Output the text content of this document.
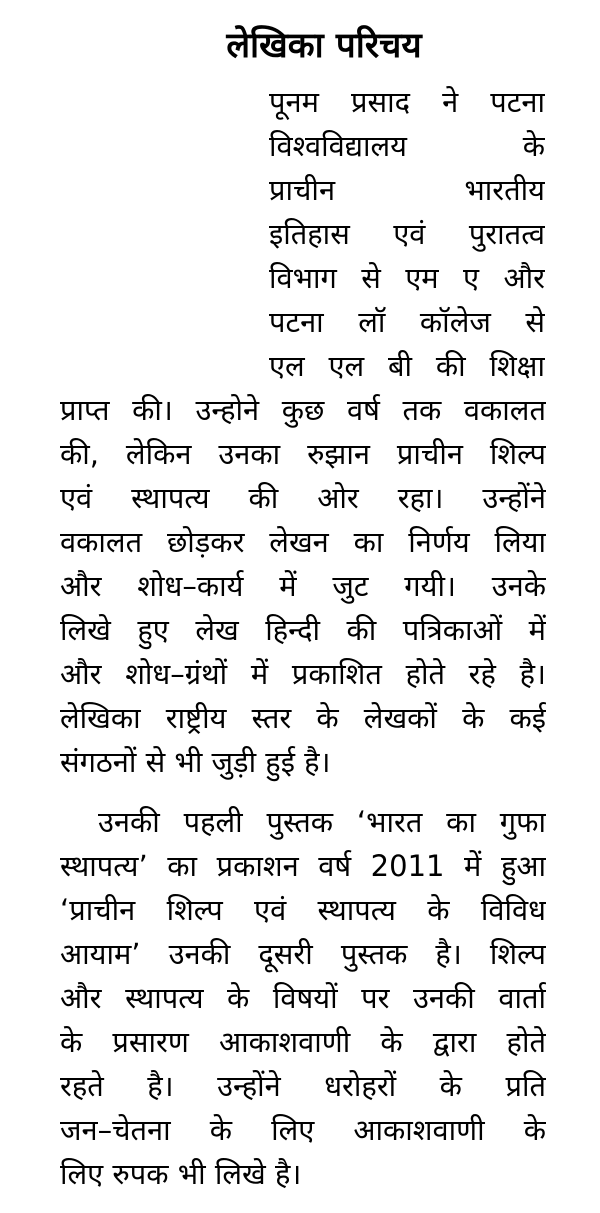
लेखिका परिचय
पूनम प्रसाद ने पटना
विश्वविद्यालय के
प्राचीन भारतीय
इतिहास एवं पुरातत्व
विभाग से एम ए और
पटना लॉ कॉलेज से
एल एल बी की शिक्षा
प्राप्त की। उन्होने कुछ वर्ष तक वकालत
की, लेकिन उनका रुझान प्राचीन शिल्प
एवं स्थापत्य की ओर रहा। उन्होंने
वकालत छोड़कर लेखन का निर्णय लिया
और शोध–कार्य में जुट गयी। उनके
लिखे हुए लेख हिन्दी की पत्रिकाओं में
और शोध–ग्रंथों में प्रकाशित होते रहे है।
लेखिका राष्ट्रीय स्तर के लेखकों के कई
संगठनों से भी जुड़ी हुई है।
उनकी पहली पुस्तक ‘भारत का गुफा
स्थापत्य’ का प्रकाशन वर्ष 2011 में हुआ
‘प्राचीन शिल्प एवं स्थापत्य के विविध
आयाम’ उनकी दूसरी पुस्तक है। शिल्प
और स्थापत्य के विषयों पर उनकी वार्ता
के प्रसारण आकाशवाणी के द्वारा होते
रहते है। उन्होंने धरोहरों के प्रति
जन–चेतना के लिए आकाशवाणी के
लिए रुपक भी लिखे है।
